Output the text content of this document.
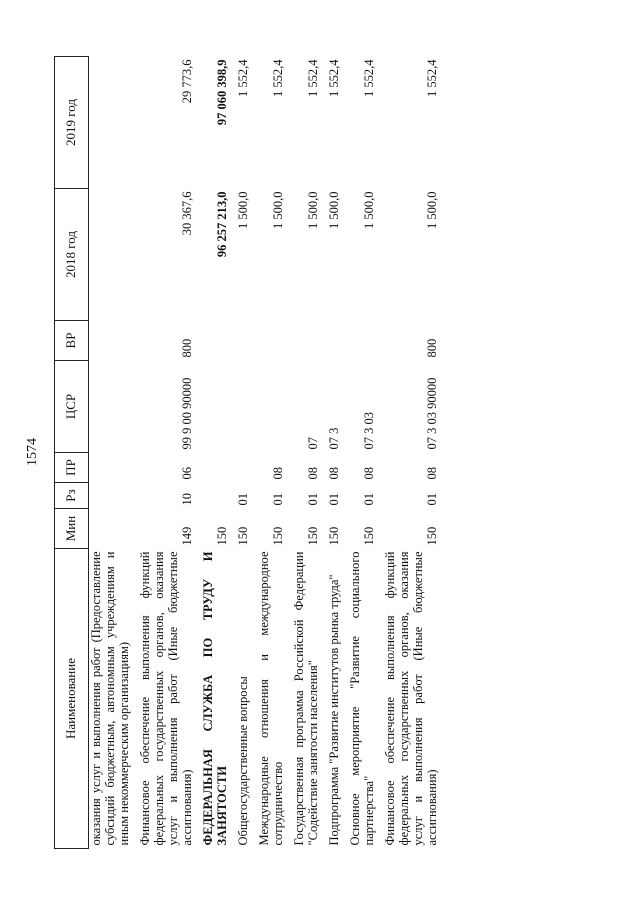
1574
Наименование	Мин	Рз	ПР	ЦСР	ВР	2018 год	2019 год
оказания услуг и выполнения работ (Предоставление субсидий бюджетным, автономным учреждениям и иным некоммерческим организациям)							
Финансовое обеспечение выполнения функций федеральных государственных органов, оказания услуг и выполнения работ (Иные бюджетные ассигнования)	149	10	06	99 9 00 90000	800	30 367,6	29 773,6
ФЕДЕРАЛЬНАЯ СЛУЖБА ПО ТРУДУ И ЗАНЯТОСТИ	150					96 257 213,0	97 060 398,9
Общегосударственные вопросы	150	01				1 500,0	1 552,4
Международные отношения и международное сотрудничество	150	01	08			1 500,0	1 552,4
Государственная программа Российской Федерации "Содействие занятости населения"	150	01	08	07		1 500,0	1 552,4
Подпрограмма "Развитие институтов рынка труда"	150	01	08	07 3		1 500,0	1 552,4
Основное мероприятие "Развитие социального партнерства"	150	01	08	07 3 03		1 500,0	1 552,4
Финансовое обеспечение выполнения функций федеральных государственных органов, оказания услуг и выполнения работ (Иные бюджетные ассигнования)	150	01	08	07 3 03 90000	800	1 500,0	1 552,4
